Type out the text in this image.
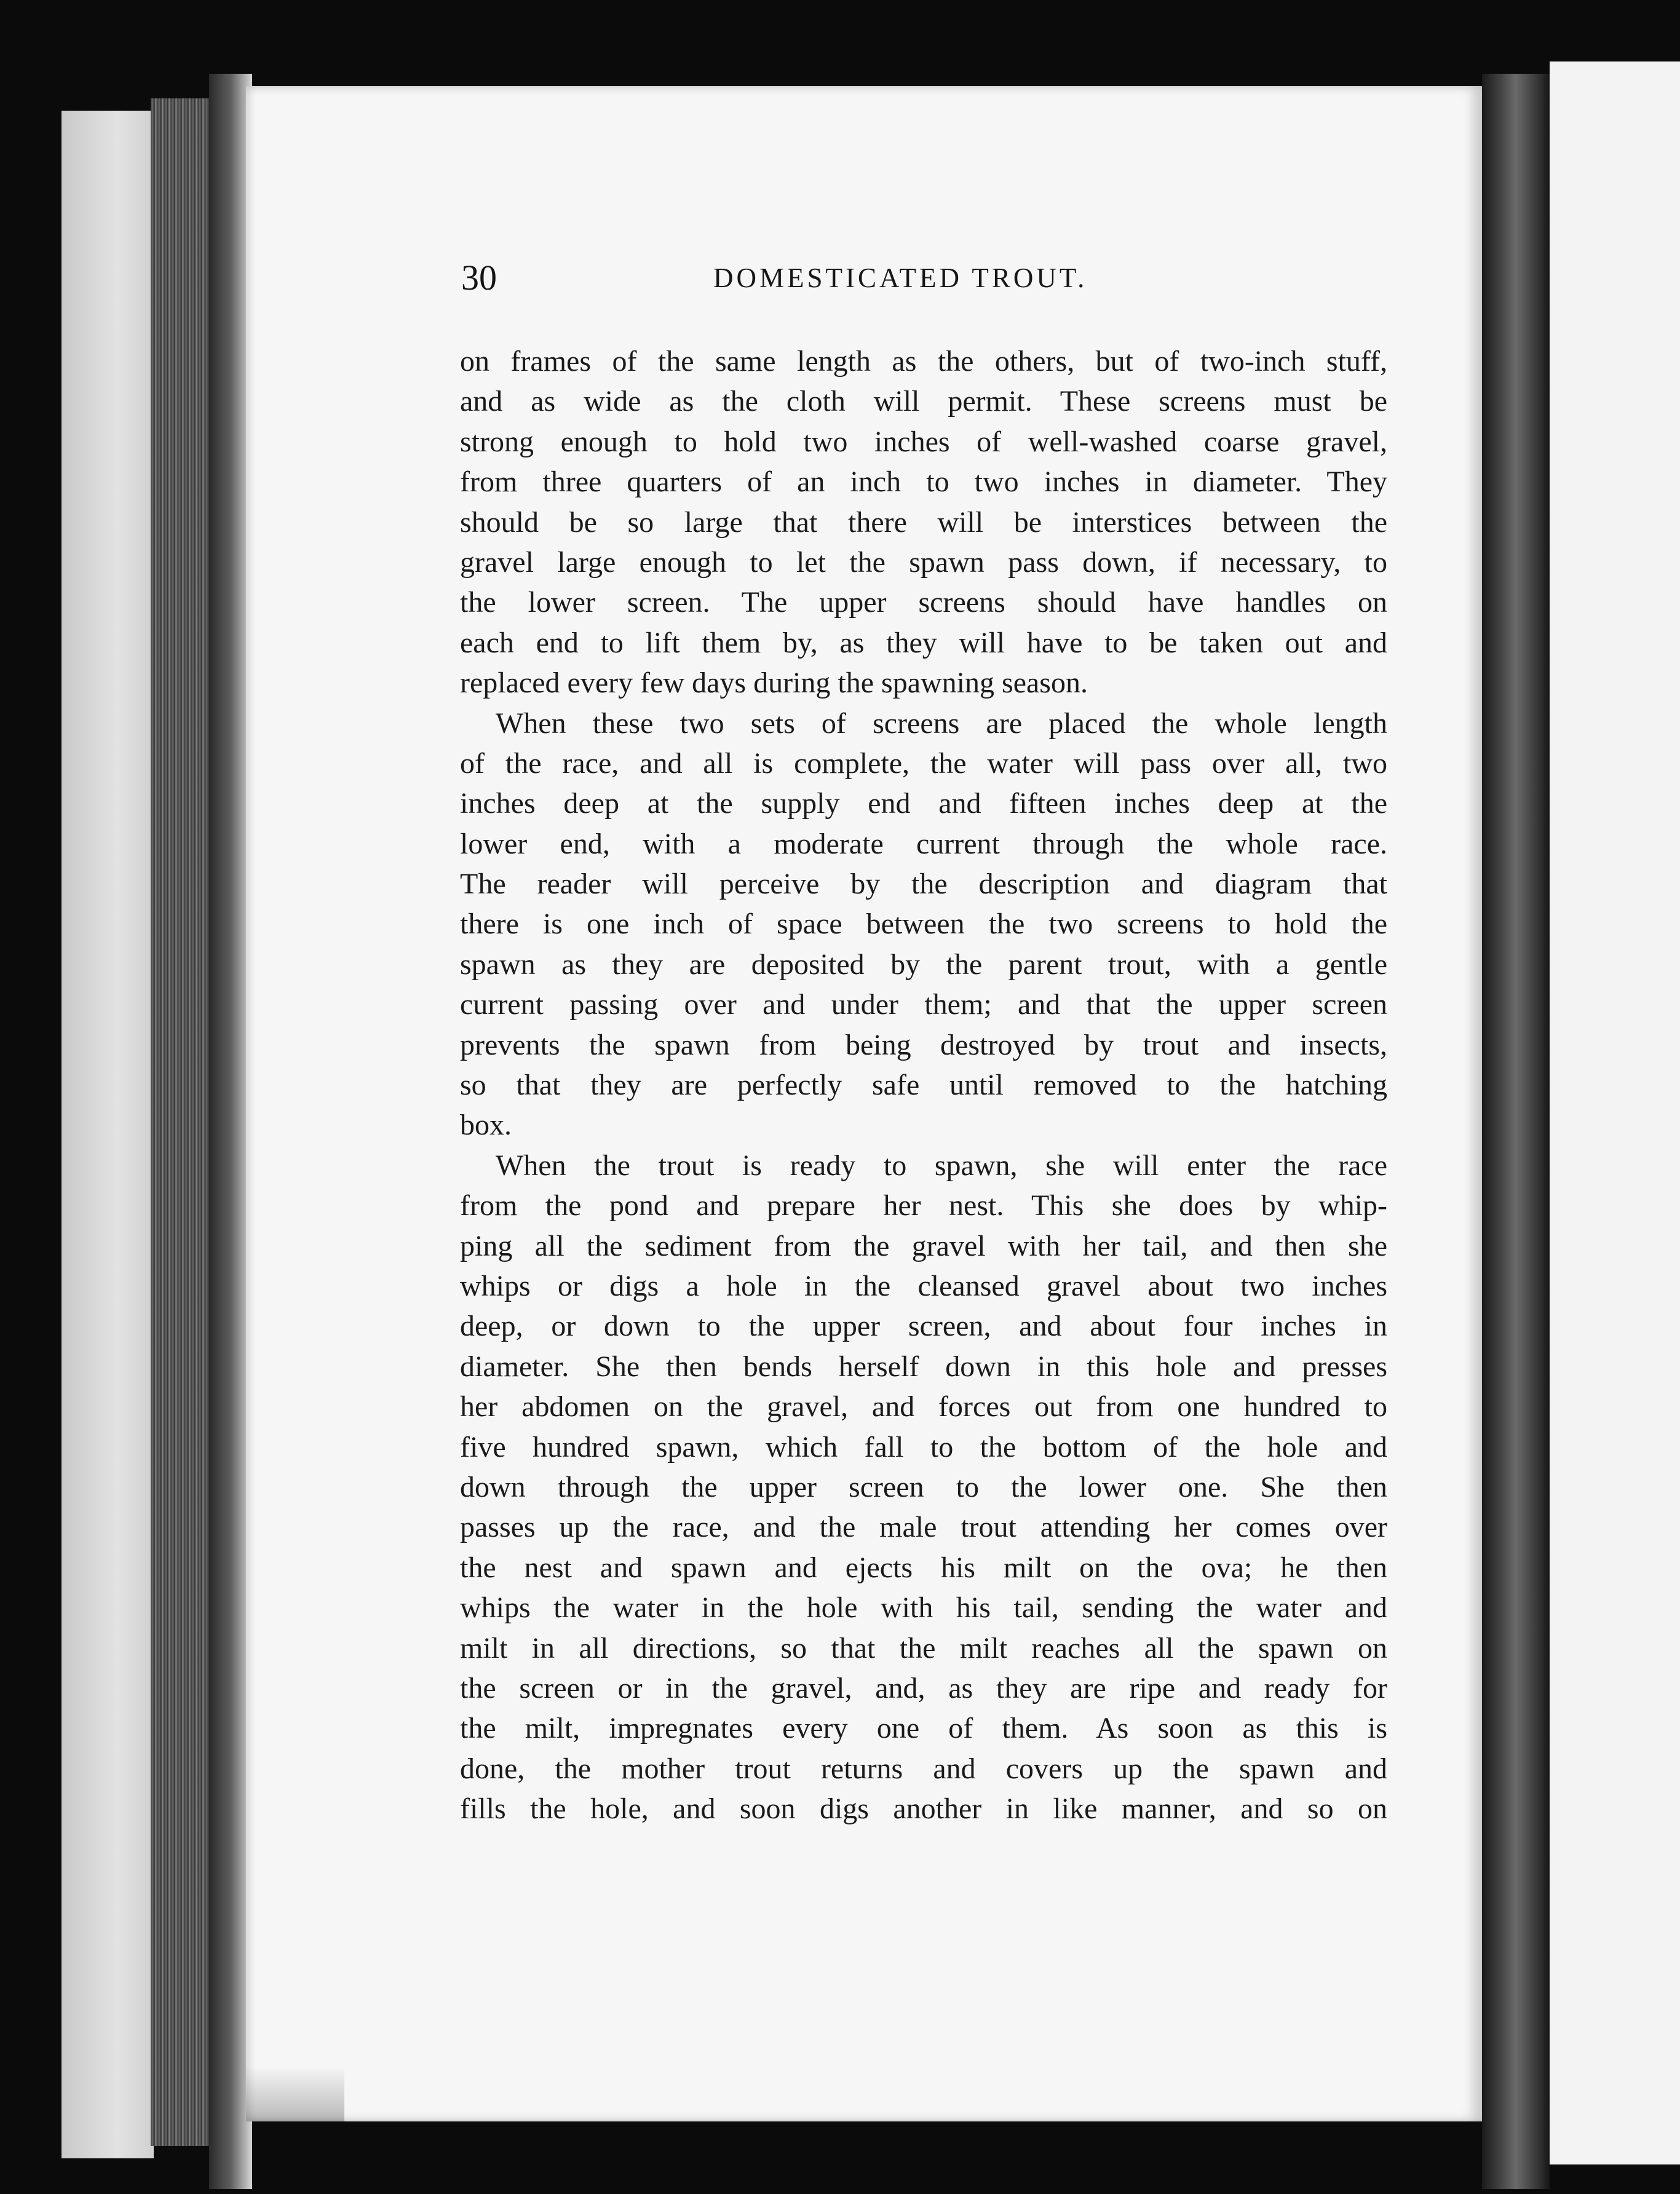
30	DOMESTICATED TROUT.
on frames of the same length as the others, but of two-inch stuff,
and as wide as the cloth will permit. These screens must be
strong enough to hold two inches of well-washed coarse gravel,
from three quarters of an inch to two inches in diameter. They
should be so large that there will be interstices between the
gravel large enough to let the spawn pass down, if necessary, to
the lower screen. The upper screens should have handles on
each end to lift them by, as they will have to be taken out and
replaced every few days during the spawning season.
When these two sets of screens are placed the whole length
of the race, and all is complete, the water will pass over all, two
inches deep at the supply end and fifteen inches deep at the
lower end, with a moderate current through the whole race.
The reader will perceive by the description and diagram that
there is one inch of space between the two screens to hold the
spawn as they are deposited by the parent trout, with a gentle
current passing over and under them; and that the upper screen
prevents the spawn from being destroyed by trout and insects,
so that they are perfectly safe until removed to the hatching
box.
When the trout is ready to spawn, she will enter the race
from the pond and prepare her nest. This she does by whip-
ping all the sediment from the gravel with her tail, and then she
whips or digs a hole in the cleansed gravel about two inches
deep, or down to the upper screen, and about four inches in
diameter. She then bends herself down in this hole and presses
her abdomen on the gravel, and forces out from one hundred to
five hundred spawn, which fall to the bottom of the hole and
down through the upper screen to the lower one. She then
passes up the race, and the male trout attending her comes over
the nest and spawn and ejects his milt on the ova; he then
whips the water in the hole with his tail, sending the water and
milt in all directions, so that the milt reaches all the spawn on
the screen or in the gravel, and, as they are ripe and ready for
the milt, impregnates every one of them. As soon as this is
done, the mother trout returns and covers up the spawn and
fills the hole, and soon digs another in like manner, and so on
